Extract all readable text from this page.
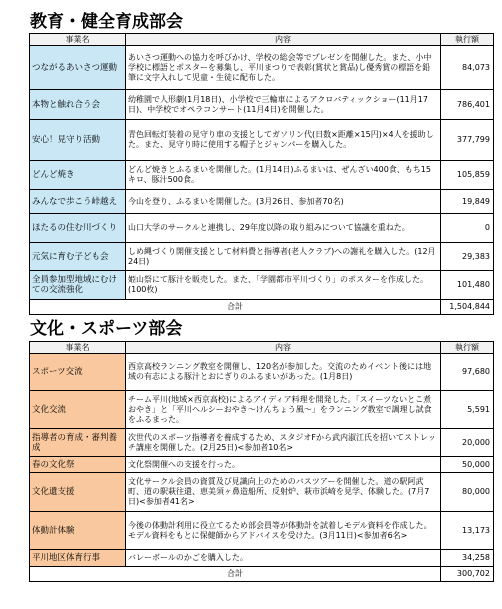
教育・健全育成部会
事業名	内容	執行額
つながるあいさつ運動	あいさつ運動への協力を呼びかけ、学校の総会等でプレゼンを開催した。また、小中学校に標語とポスターを募集し、平川まつりで表彰(賞状と賞品)し優秀賞の標語を鉛筆に文字入れして児童・生徒に配布した。	84,073
本物と触れ合う会	幼稚園で人形劇(1月18日)、小学校で三輪車によるアクロバティックショー(11月17日)、中学校でオペラコンサート(11月4日)を開催した。	786,401
安心！見守り活動	青色回転灯装着の見守り車の支援としてガソリン代(日数×距離×15円)×4人を援助した。また、見守り時に使用する帽子とジャンパーを購入した。	377,799
どんど焼き	どんど焼きとふるまいを開催した。(1月14日)ふるまいは、ぜんざい400食、もち15キロ、豚汁500食。	105,859
みんなで歩こう峠越え	今山を登り、ふるまいを開催した。(3月26日、参加者70名)	19,849
ほたるの住む川づくり	山口大学のサークルと連携し、29年度以降の取り組みについて協議を重ねた。	0
元気に育む子ども会	しめ縄づくり開催支援として材料費と指導者(老人クラブ)への謝礼を購入した。(12月24日)	29,383
全員参加型地域にむけての交流強化	姫山祭にて豚汁を販売した。また、「学園都市平川づくり」のポスターを作成した。(100枚)	101,480
合計		1,504,844
文化・スポーツ部会
事業名	内容	執行額
スポーツ交流	西京高校ランニング教室を開催し、120名が参加した。交流のためイベント後には地域の有志による豚汁とおにぎりのふるまいがあった。(1月8日)	97,680
文化交流	チーム平川(地域×西京高校)によるアイディア料理を開発した。「スイーツないとこ煮おやき」と「平川ヘルシーおやき〜けんちょう風〜」をランニング教室で調理し試食をふるまった。	5,591
指導者の育成・審判養成	次世代のスポーツ指導者を養成するため、スタジオFから武内淑江氏を招いてストレッチ講座を開催した。(2月25日)<参加者10名>	20,000
春の文化祭	文化祭開催への支援を行った。	50,000
文化遺支援	文化サークル会員の資質及び見識向上のためのバスツアーを開催した。道の駅阿武町、道の駅萩往還、恵美須ヶ鼻造船所、反射炉、萩市浜崎を見学、体験した。(7月7日)<参加者41名>	80,000
体動計体験	今後の体動計利用に役立てるため部会員等が体動計を試着しモデル資料を作成した。モデル資料をもとに保健師からアドバイスを受けた。(3月11日)<参加者6名>	13,173
平川地区体育行事	バレーボールのかごを購入した。	34,258
合計		300,702
